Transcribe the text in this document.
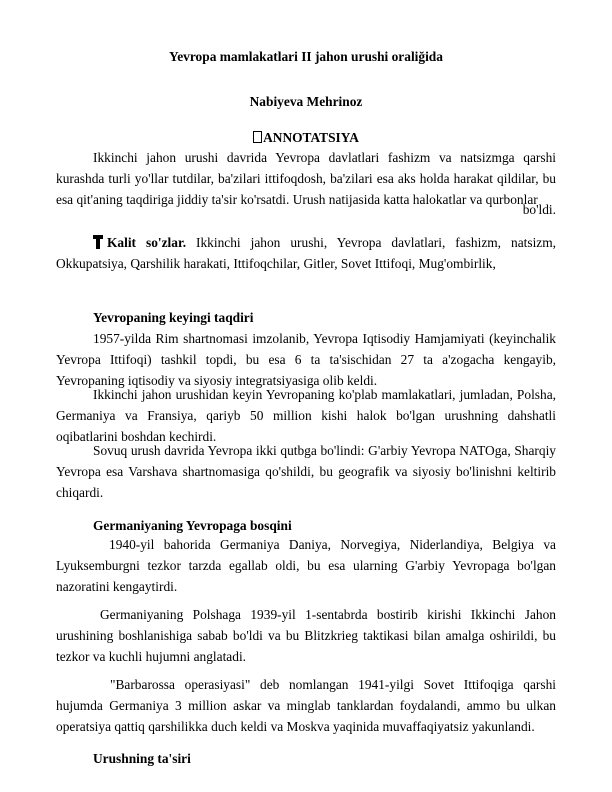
Yevropa mamlakatlari II jahon urushi oraliğida
Nabiyeva Mehrinoz
ANNOTATSIYA
Ikkinchi jahon urushi davrida Yevropa davlatlari fashizm va natsizmga qarshi kurashda turli yo'llar tutdilar, ba'zilari ittifoqdosh, ba'zilari esa aks holda harakat qildilar, bu esa qit'aning taqdiriga jiddiy ta'sir ko'rsatdi. Urush natijasida katta halokatlar va qurbonlar
bo'ldi.
Kalit so'zlar. Ikkinchi jahon urushi, Yevropa davlatlari, fashizm, natsizm, Okkupatsiya, Qarshilik harakati, Ittifoqchilar, Gitler, Sovet Ittifoqi, Mug'ombirlik,
Yevropaning keyingi taqdiri
1957-yilda Rim shartnomasi imzolanib, Yevropa Iqtisodiy Hamjamiyati (keyinchalik Yevropa Ittifoqi) tashkil topdi, bu esa 6 ta ta'sischidan 27 ta a'zogacha kengayib, Yevropaning iqtisodiy va siyosiy integratsiyasiga olib keldi.
Ikkinchi jahon urushidan keyin Yevropaning ko'plab mamlakatlari, jumladan, Polsha, Germaniya va Fransiya, qariyb 50 million kishi halok bo'lgan urushning dahshatli oqibatlarini boshdan kechirdi.
Sovuq urush davrida Yevropa ikki qutbga bo'lindi: G'arbiy Yevropa NATOga, Sharqiy Yevropa esa Varshava shartnomasiga qo'shildi, bu geografik va siyosiy bo'linishni keltirib chiqardi.
Germaniyaning Yevropaga bosqini
1940-yil bahorida Germaniya Daniya, Norvegiya, Niderlandiya, Belgiya va Lyuksemburgni tezkor tarzda egallab oldi, bu esa ularning G'arbiy Yevropaga bo'lgan nazoratini kengaytirdi.
Germaniyaning Polshaga 1939-yil 1-sentabrda bostirib kirishi Ikkinchi Jahon urushining boshlanishiga sabab bo'ldi va bu Blitzkrieg taktikasi bilan amalga oshirildi, bu tezkor va kuchli hujumni anglatadi.
"Barbarossa operasiyasi" deb nomlangan 1941-yilgi Sovet Ittifoqiga qarshi hujumda Germaniya 3 million askar va minglab tanklardan foydalandi, ammo bu ulkan operatsiya qattiq qarshilikka duch keldi va Moskva yaqinida muvaffaqiyatsiz yakunlandi.
Urushning ta'siri
